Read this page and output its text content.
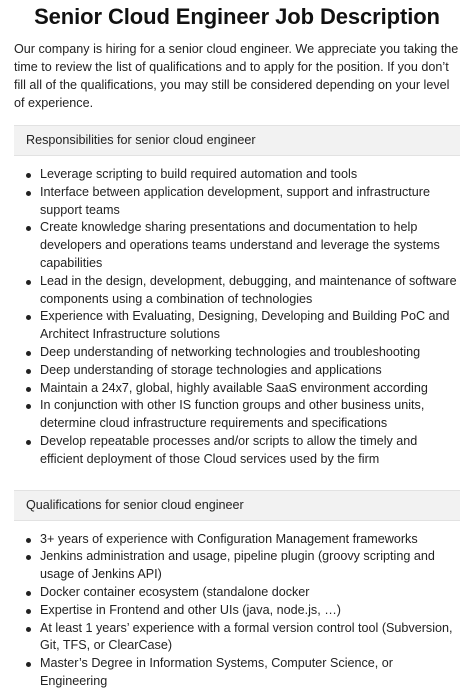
Senior Cloud Engineer Job Description

Our company is hiring for a senior cloud engineer. We appreciate you taking the time to review the list of qualifications and to apply for the position. If you don’t fill all of the qualifications, you may still be considered depending on your level of experience.

Responsibilities for senior cloud engineer
Leverage scripting to build required automation and tools
Interface between application development, support and infrastructure support teams
Create knowledge sharing presentations and documentation to help developers and operations teams understand and leverage the systems capabilities
Lead in the design, development, debugging, and maintenance of software components using a combination of technologies
Experience with Evaluating, Designing, Developing and Building PoC and Architect Infrastructure solutions
Deep understanding of networking technologies and troubleshooting
Deep understanding of storage technologies and applications
Maintain a 24x7, global, highly available SaaS environment according
In conjunction with other IS function groups and other business units, determine cloud infrastructure requirements and specifications
Develop repeatable processes and/or scripts to allow the timely and efficient deployment of those Cloud services used by the firm
Qualifications for senior cloud engineer
3+ years of experience with Configuration Management frameworks
Jenkins administration and usage, pipeline plugin (groovy scripting and usage of Jenkins API)
Docker container ecosystem (standalone docker
Expertise in Frontend and other UIs (java, node.js, …)
At least 1 years’ experience with a formal version control tool (Subversion, Git, TFS, or ClearCase)
Master’s Degree in Information Systems, Computer Science, or Engineering
